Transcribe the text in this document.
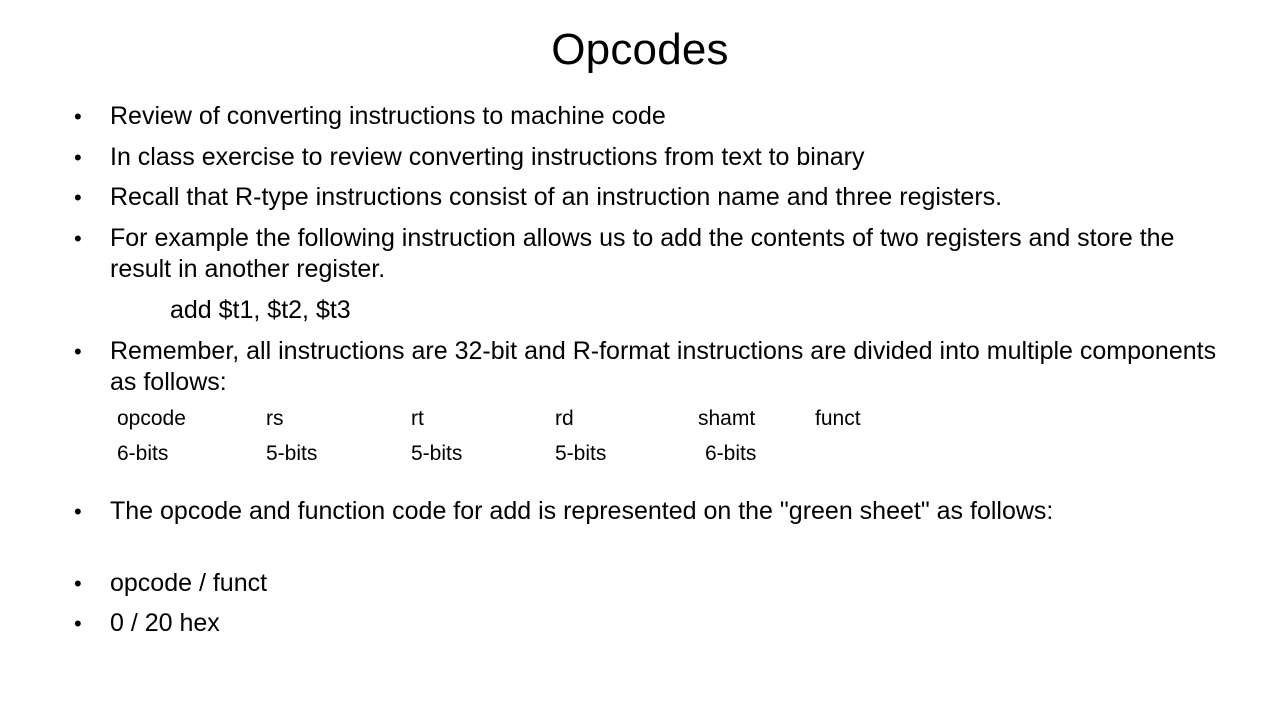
Opcodes
• Review of converting instructions to machine code
• In class exercise to review converting instructions from text to binary
• Recall that R-type instructions consist of an instruction name and three registers.
• For example the following instruction allows us to add the contents of two registers and store the result in another register.
add $t1, $t2, $t3
• Remember, all instructions are 32-bit and R-format instructions are divided into multiple components as follows:
opcode	rs	rt	rd	shamt	funct
6-bits	5-bits	5-bits	5-bits	6-bits
• The opcode and function code for add is represented on the "green sheet" as follows:
• opcode / funct
• 0 / 20 hex
